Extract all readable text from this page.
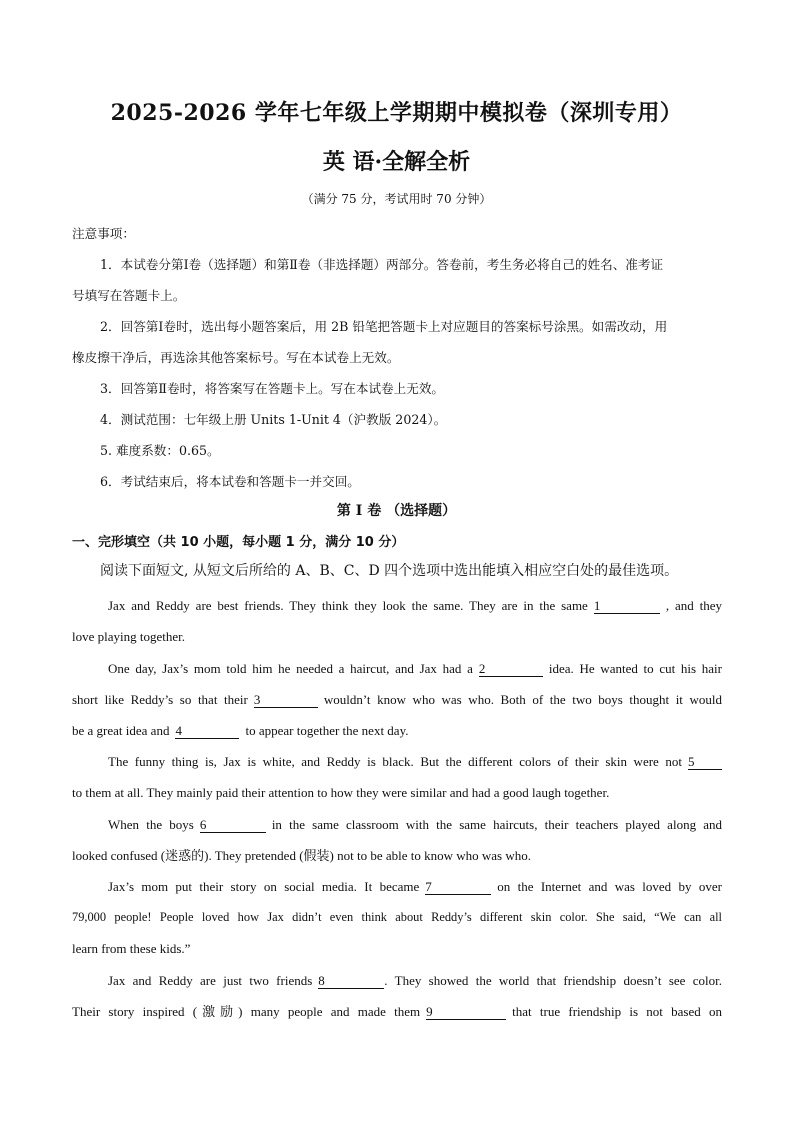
2025-2026 学年七年级上学期期中模拟卷（深圳专用）
英 语·全解全析
（满分 75 分，考试用时 70 分钟）
注意事项：
1．本试卷分第Ⅰ卷（选择题）和第Ⅱ卷（非选择题）两部分。答卷前，考生务必将自己的姓名、准考证
号填写在答题卡上。
2．回答第Ⅰ卷时，选出每小题答案后，用 2B 铅笔把答题卡上对应题目的答案标号涂黑。如需改动，用
橡皮擦干净后，再选涂其他答案标号。写在本试卷上无效。
3．回答第Ⅱ卷时，将答案写在答题卡上。写在本试卷上无效。
4．测试范围：七年级上册 Units 1-Unit 4（沪教版 2024）。
5. 难度系数：0.65。
6．考试结束后，将本试卷和答题卡一并交回。
第 I 卷 （选择题）
一、完形填空（共 10 小题，每小题 1 分，满分 10 分）
阅读下面短文, 从短文后所给的 A、B、C、D 四个选项中选出能填入相应空白处的最佳选项。
Jax and Reddy are best friends. They think they look the same. They are in the same 1	, and they
love playing together.
One day, Jax’s mom told him he needed a haircut, and Jax had a 2	idea. He wanted to cut his hair
short like Reddy’s so that their 3	wouldn’t know who was who. Both of the two boys thought it would
be a great idea and 4	to appear together the next day.
The funny thing is, Jax is white, and Reddy is black. But the different colors of their skin were not 5
to them at all. They mainly paid their attention to how they were similar and had a good laugh together.
When the boys 6	in the same classroom with the same haircuts, their teachers played along and
looked confused (迷惑的). They pretended (假装) not to be able to know who was who.
Jax’s mom put their story on social media. It became 7	on the Internet and was loved by over
79,000 people! People loved how Jax didn’t even think about Reddy’s different skin color. She said, “We can all
learn from these kids.”
Jax and Reddy are just two friends 8	. They showed the world that friendship doesn’t see color.
Their story inspired (激励) many people and made them 9	that true friendship is not based on
